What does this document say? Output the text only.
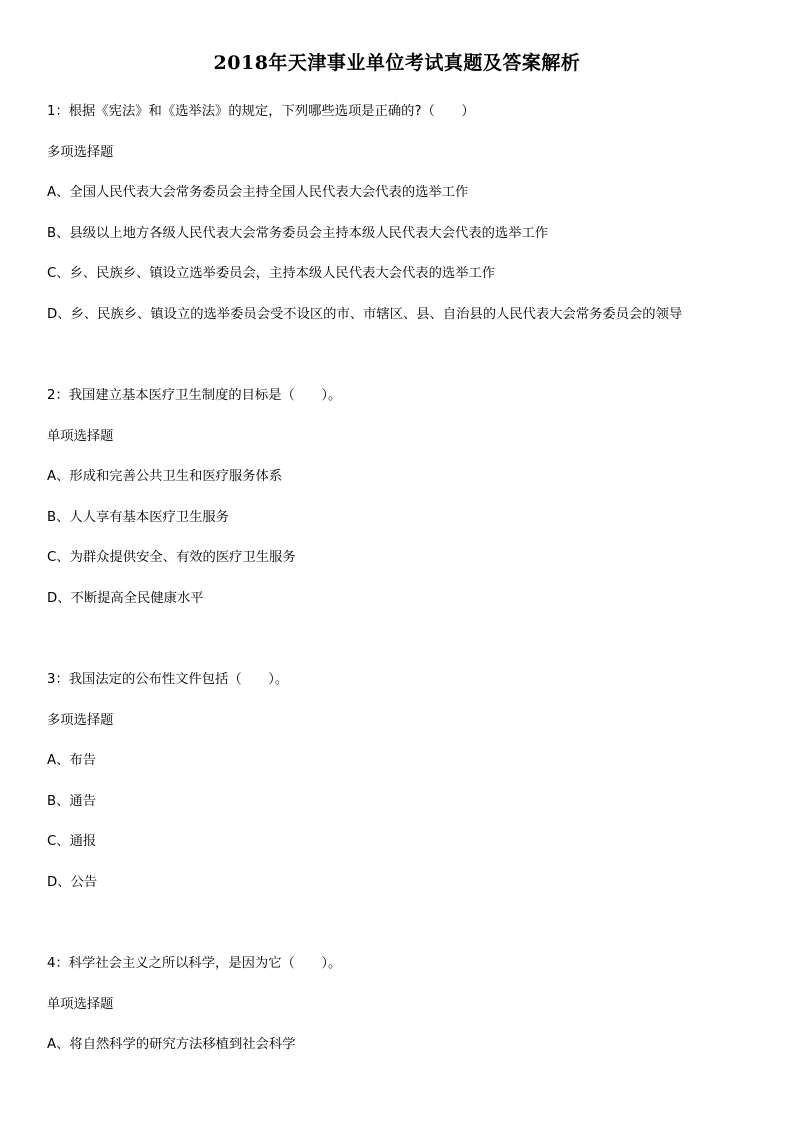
2018年天津事业单位考试真题及答案解析
1：根据《宪法》和《选举法》的规定，下列哪些选项是正确的?（　　）
多项选择题
A、全国人民代表大会常务委员会主持全国人民代表大会代表的选举工作
B、县级以上地方各级人民代表大会常务委员会主持本级人民代表大会代表的选举工作
C、乡、民族乡、镇设立选举委员会，主持本级人民代表大会代表的选举工作
D、乡、民族乡、镇设立的选举委员会受不设区的市、市辖区、县、自治县的人民代表大会常务委员会的领导
2：我国建立基本医疗卫生制度的目标是（　　）。
单项选择题
A、形成和完善公共卫生和医疗服务体系
B、人人享有基本医疗卫生服务
C、为群众提供安全、有效的医疗卫生服务
D、不断提高全民健康水平
3：我国法定的公布性文件包括（　　）。
多项选择题
A、布告
B、通告
C、通报
D、公告
4：科学社会主义之所以科学，是因为它（　　）。
单项选择题
A、将自然科学的研究方法移植到社会科学
